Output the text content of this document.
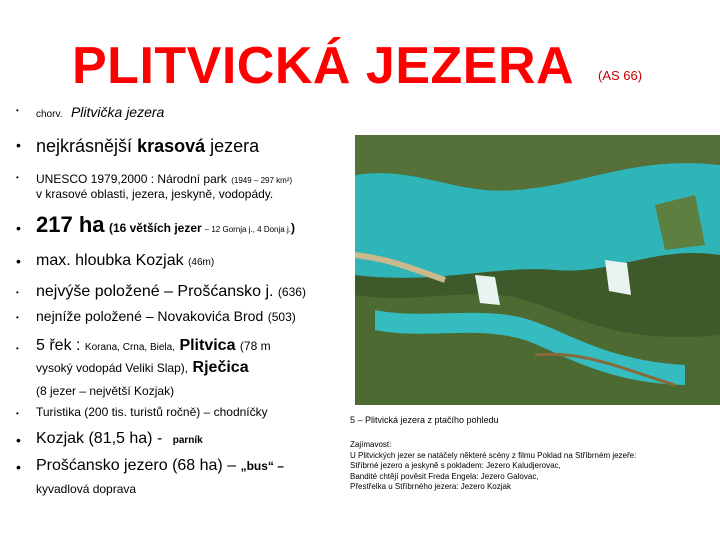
PLITVICKÁ JEZERA (AS 66)
• chorv. Plitvička jezera
• nejkrásnější krasová jezera
• UNESCO 1979,2000 : Národní park (1949 – 297 km²)
v krasové oblasti, jezera, jeskyně, vodopády.
• 217 ha (16 větších jezer – 12 Gornja j., 4 Donja j.)
• max. hloubka Kozjak (46m)
• nejvýše položené – Prošćansko j. (636)
• nejníže položené – Novakovića Brod (503)
• 5 řek : Korana, Crna, Biela, Plitvica (78 m
vysoký vodopád Veliki Slap), Rječica
(8 jezer – největší Kozjak)
• Turistika (200 tis. turistů ročně) – chodníčky
• Kozjak (81,5 ha) - parník
• Prošćansko jezero (68 ha) – „bus“ –
kyvadlová doprava
5 – Plitvická jezera z ptačího pohledu
Zajímavost:
U Plitvických jezer se natáčely některé scény z filmu Poklad na Stříbrném jezeře:
Stříbrné jezero a jeskyně s pokladem: Jezero Kaludjerovac,
Bandité chtějí pověsit Freda Engela: Jezero Galovac,
Přestřelka u Stříbrného jezera: Jezero Kozjak
